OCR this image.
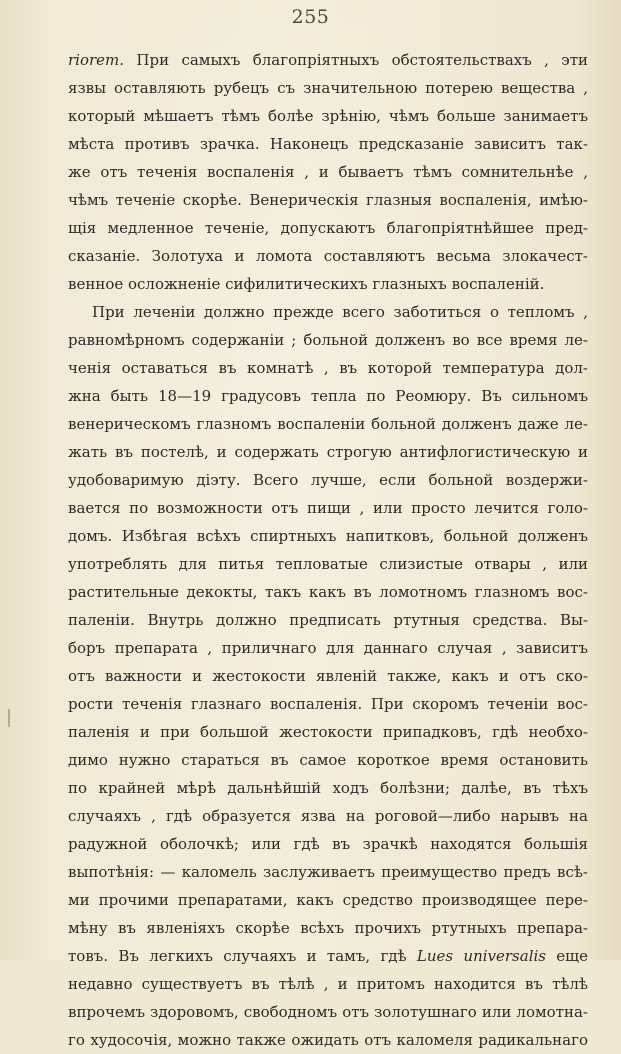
255
riorem. При самыхъ благопріятныхъ обстоятельствахъ , эти
язвы оставляють рубецъ съ значительною потерею вещества ,
который мѣшаетъ тѣмъ болѣе зрѣнію, чѣмъ больше занимаетъ
мѣста противъ зрачка. Наконецъ предсказаніе зависитъ так-
же отъ теченія воспаленія , и бываетъ тѣмъ сомнительнѣе ,
чѣмъ теченіе скорѣе. Венерическія глазныя воспаленія, имѣю-
щія медленное теченіе, допускаютъ благопріятнѣйшее пред-
сказаніе. Золотуха и ломота составляютъ весьма злокачест-
венное осложненіе сифилитическихъ глазныхъ воспаленій.
При леченіи должно прежде всего заботиться о тепломъ ,
равномѣрномъ содержаніи ; больной долженъ во все время ле-
ченія оставаться въ комнатѣ , въ которой температура дол-
жна быть 18—19 градусовъ тепла по Реомюру. Въ сильномъ
венерическомъ глазномъ воспаленіи больной долженъ даже ле-
жать въ постелѣ, и содержать строгую антифлогистическую и
удобоваримую діэту. Всего лучше, если больной воздержи-
вается по возможности отъ пищи , или просто лечится голо-
домъ. Избѣгая всѣхъ спиртныхъ напитковъ, больной долженъ
употреблять для питья тепловатые слизистые отвары , или
растительные декокты, такъ какъ въ ломотномъ глазномъ вос-
паленіи. Внутрь должно предписать ртутныя средства. Вы-
боръ препарата , приличнаго для даннаго случая , зависитъ
отъ важности и жестокости явленій также, какъ и отъ ско-
рости теченія глазнаго воспаленія. При скоромъ теченіи вос-
паленія и при большой жестокости припадковъ, гдѣ необхо-
димо нужно стараться въ самое короткое время остановить
по крайней мѣрѣ дальнѣйшій ходъ болѣзни; далѣе, въ тѣхъ
случаяхъ , гдѣ образуется язва на роговой—либо нарывъ на
радужной оболочкѣ; или гдѣ въ зрачкѣ находятся большія
выпотѣнія: — каломель заслуживаетъ преимущество предъ всѣ-
ми прочими препаратами, какъ средство производящее пере-
мѣну въ явленіяхъ скорѣе всѣхъ прочихъ ртутныхъ препара-
товъ. Въ легкихъ случаяхъ и тамъ, гдѣ Lues universalis еще
недавно существуетъ въ тѣлѣ , и притомъ находится въ тѣлѣ
впрочемъ здоровомъ, свободномъ отъ золотушнаго или ломотна-
го худосочія, можно также ожидать отъ каломеля радикальнаго
